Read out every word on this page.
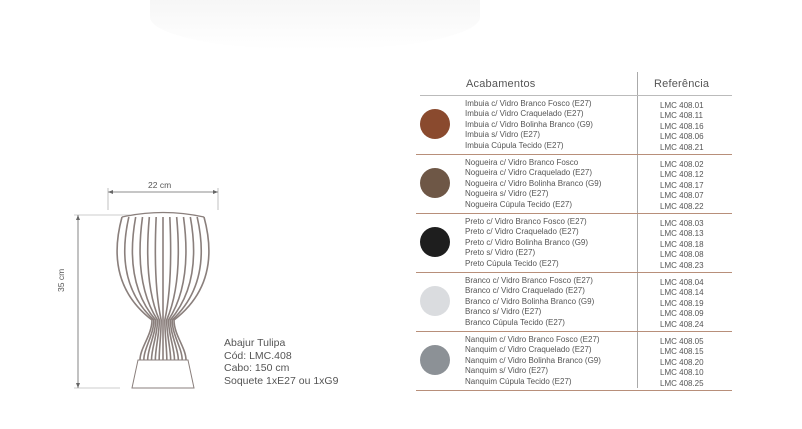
22 cm
35 cm
Abajur Tulipa
Cód: LMC.408
Cabo: 150 cm
Soquete 1xE27 ou 1xG9
Acabamentos	Referência
Imbuia c/ Vidro Branco Fosco (E27)
Imbuia c/ Vidro Craquelado (E27)
Imbuia c/ Vidro Bolinha Branco (G9)
Imbuia s/ Vidro (E27)
Imbuia Cúpula Tecido (E27)
LMC 408.01
LMC 408.11
LMC 408.16
LMC 408.06
LMC 408.21
Nogueira c/ Vidro Branco Fosco
Nogueira c/ Vidro Craquelado (E27)
Nogueira c/ Vidro Bolinha Branco (G9)
Nogueira s/ Vidro (E27)
Nogueira Cúpula Tecido (E27)
LMC 408.02
LMC 408.12
LMC 408.17
LMC 408.07
LMC 408.22
Preto c/ Vidro Branco Fosco (E27)
Preto c/ Vidro Craquelado (E27)
Preto c/ Vidro Bolinha Branco (G9)
Preto s/ Vidro (E27)
Preto Cúpula Tecido (E27)
LMC 408.03
LMC 408.13
LMC 408.18
LMC 408.08
LMC 408.23
Branco c/ Vidro Branco Fosco (E27)
Branco c/ Vidro Craquelado (E27)
Branco c/ Vidro Bolinha Branco (G9)
Branco s/ Vidro (E27)
Branco Cúpula Tecido (E27)
LMC 408.04
LMC 408.14
LMC 408.19
LMC 408.09
LMC 408.24
Nanquim c/ Vidro Branco Fosco (E27)
Nanquim c/ Vidro Craquelado (E27)
Nanquim c/ Vidro Bolinha Branco (G9)
Nanquim s/ Vidro (E27)
Nanquim Cúpula Tecido (E27)
LMC 408.05
LMC 408.15
LMC 408.20
LMC 408.10
LMC 408.25
